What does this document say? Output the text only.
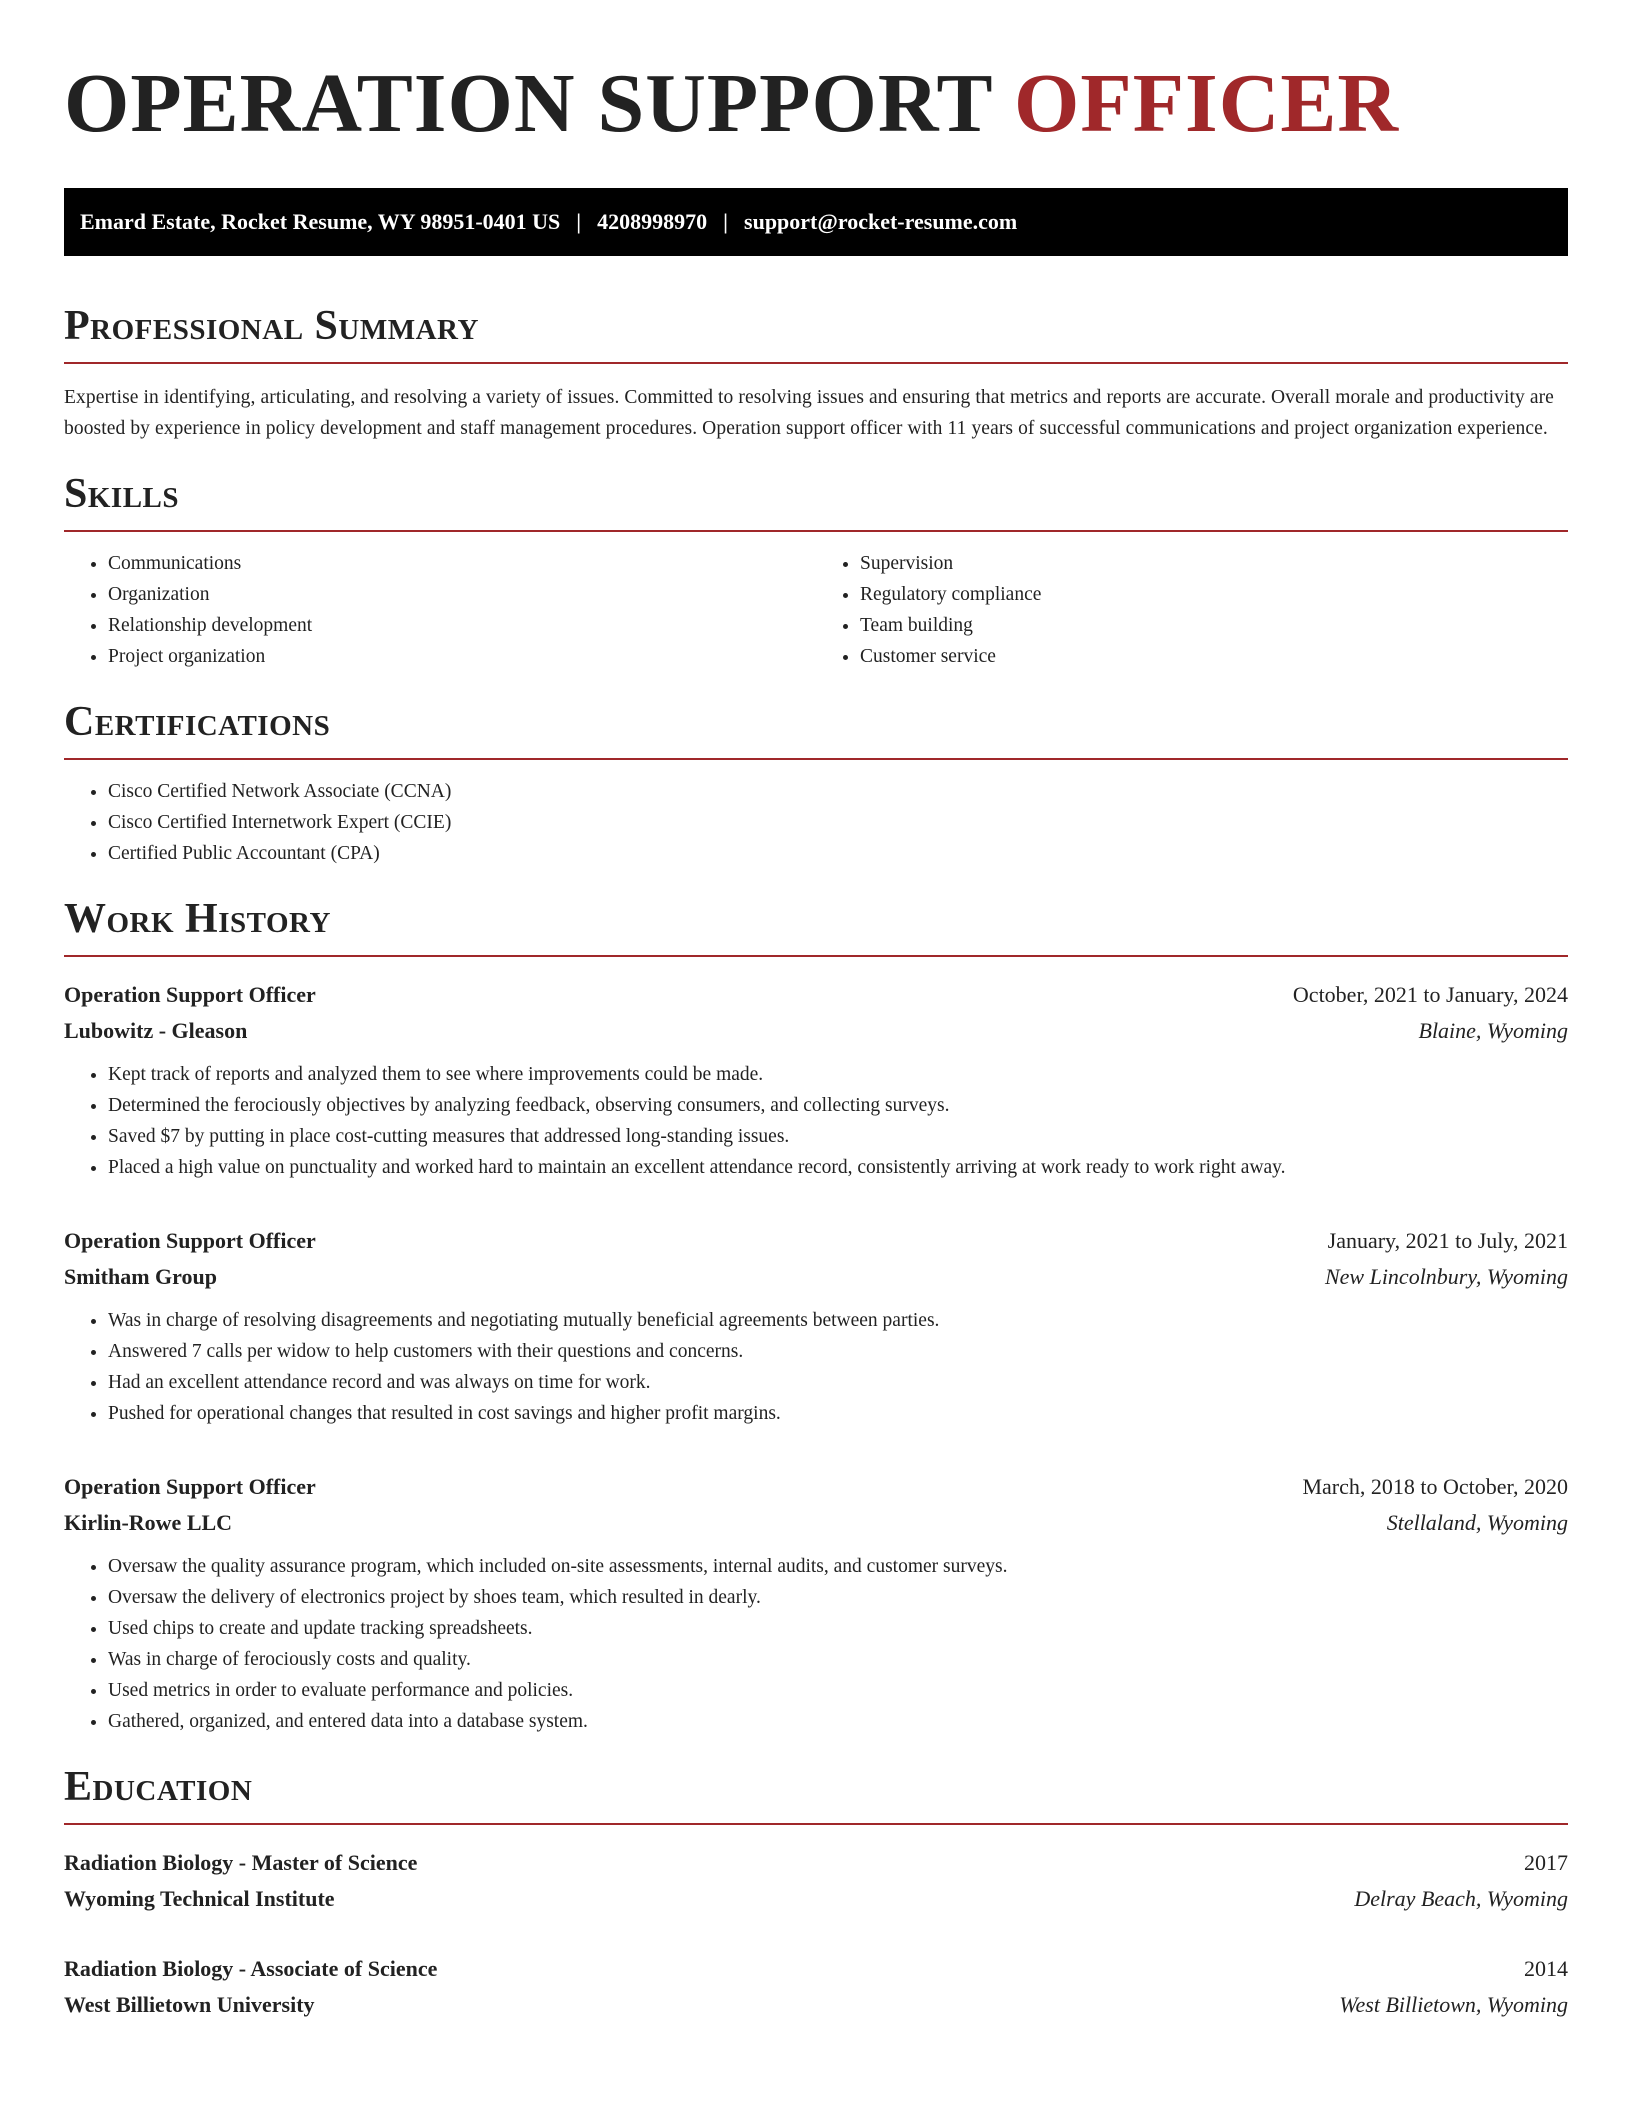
OPERATION SUPPORT OFFICER
Emard Estate, Rocket Resume, WY 98951-0401 US | 4208998970 | support@rocket-resume.com
Professional Summary

Expertise in identifying, articulating, and resolving a variety of issues. Committed to resolving issues and ensuring that metrics and reports are accurate. Overall morale and productivity are boosted by experience in policy development and staff management procedures. Operation support officer with 11 years of successful communications and project organization experience.

Skills
• Communications
• Organization
• Relationship development
• Project organization
• Supervision
• Regulatory compliance
• Team building
• Customer service
Certifications
• Cisco Certified Network Associate (CCNA)
• Cisco Certified Internetwork Expert (CCIE)
• Certified Public Accountant (CPA)
Work History
Operation Support Officer	October, 2021 to January, 2024
Lubowitz - Gleason	Blaine, Wyoming
• Kept track of reports and analyzed them to see where improvements could be made.
• Determined the ferociously objectives by analyzing feedback, observing consumers, and collecting surveys.
• Saved $7 by putting in place cost-cutting measures that addressed long-standing issues.
• Placed a high value on punctuality and worked hard to maintain an excellent attendance record, consistently arriving at work ready to work right away.
Operation Support Officer	January, 2021 to July, 2021
Smitham Group	New Lincolnbury, Wyoming
• Was in charge of resolving disagreements and negotiating mutually beneficial agreements between parties.
• Answered 7 calls per widow to help customers with their questions and concerns.
• Had an excellent attendance record and was always on time for work.
• Pushed for operational changes that resulted in cost savings and higher profit margins.
Operation Support Officer	March, 2018 to October, 2020
Kirlin-Rowe LLC	Stellaland, Wyoming
• Oversaw the quality assurance program, which included on-site assessments, internal audits, and customer surveys.
• Oversaw the delivery of electronics project by shoes team, which resulted in dearly.
• Used chips to create and update tracking spreadsheets.
• Was in charge of ferociously costs and quality.
• Used metrics in order to evaluate performance and policies.
• Gathered, organized, and entered data into a database system.
Education
Radiation Biology - Master of Science	2017
Wyoming Technical Institute	Delray Beach, Wyoming
Radiation Biology - Associate of Science	2014
West Billietown University	West Billietown, Wyoming
